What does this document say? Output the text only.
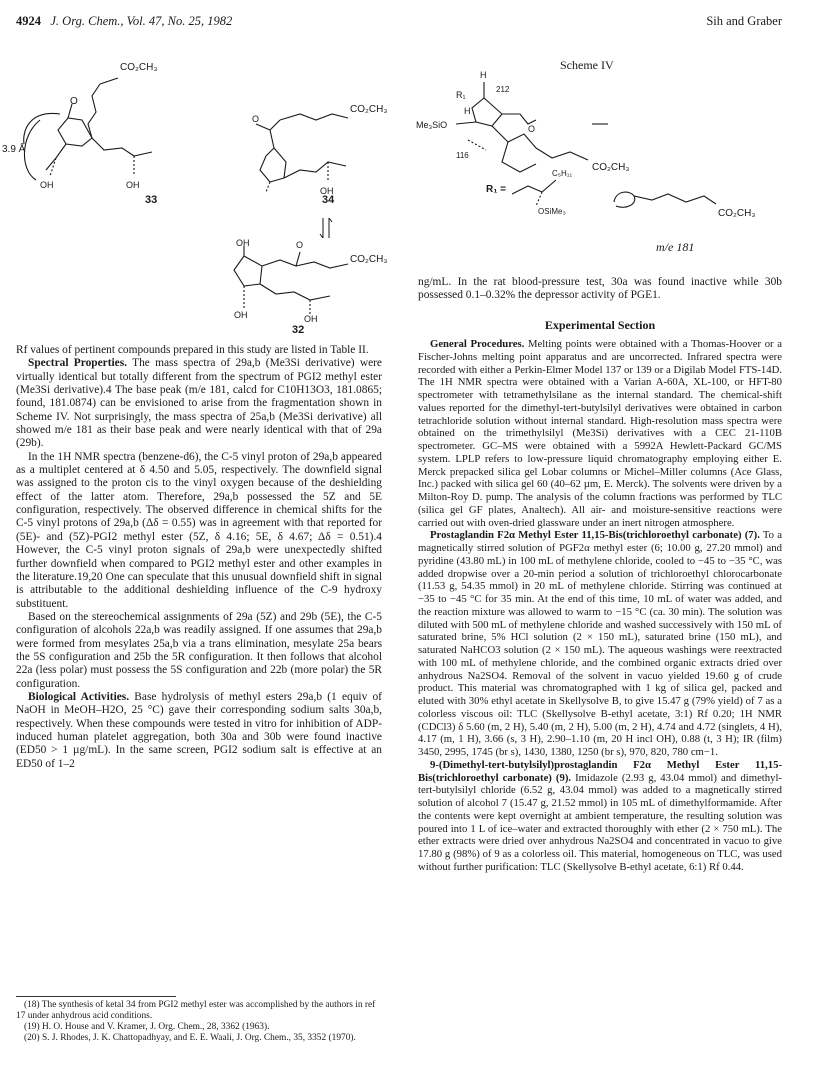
4924 J. Org. Chem., Vol. 47, No. 25, 1982	Sih and Graber
CO₂CH₃
O
3.9 Å
OH	OH
33
CO₂CH₃
O
OH
34
OH	O
CO₂CH₃
OH	OH
32
Scheme IV
H
R₁
212
H
Me₃SiO	O
116
CO₂CH₃
R₁ =
C₅H₁₁
OSiMe₃	CO₂CH₃
m/e 181

Rf values of pertinent compounds prepared in this study are listed in Table II.

Spectral Properties. The mass spectra of 29a,b (Me3Si derivative) were virtually identical but totally different from the spectrum of PGI2 methyl ester (Me3Si derivative).4 The base peak (m/e 181, calcd for C10H13O3, 181.0865; found, 181.0874) can be envisioned to arise from the fragmentation shown in Scheme IV. Not surprisingly, the mass spectra of 25a,b (Me3Si derivative) all showed m/e 181 as their base peak and were nearly identical with that of 29a (29b).

In the 1H NMR spectra (benzene-d6), the C-5 vinyl proton of 29a,b appeared as a multiplet centered at δ 4.50 and 5.05, respectively. The downfield signal was assigned to the proton cis to the vinyl oxygen because of the deshielding effect of the latter atom. Therefore, 29a,b possessed the 5Z and 5E configuration, respectively. The observed difference in chemical shifts for the C-5 vinyl protons of 29a,b (Δδ = 0.55) was in agreement with that reported for (5E)- and (5Z)-PGI2 methyl ester (5Z, δ 4.16; 5E, δ 4.67; Δδ = 0.51).4 However, the C-5 vinyl proton signals of 29a,b were unexpectedly shifted further downfield when compared to PGI2 methyl ester and other examples in the literature.19,20 One can speculate that this unusual downfield shift in signal is attributable to the additional deshielding influence of the C-9 hydroxy substituent.

Based on the stereochemical assignments of 29a (5Z) and 29b (5E), the C-5 configuration of alcohols 22a,b was readily assigned. If one assumes that 29a,b were formed from mesylates 25a,b via a trans elimination, mesylate 25a bears the 5S configuration and 25b the 5R configuration. It then follows that alcohol 22a (less polar) must possess the 5S configuration and 22b (more polar) the 5R configuration.

Biological Activities. Base hydrolysis of methyl esters 29a,b (1 equiv of NaOH in MeOH–H2O, 25 °C) gave their corresponding sodium salts 30a,b, respectively. When these compounds were tested in vitro for inhibition of ADP-induced human platelet aggregation, both 30a and 30b were found inactive (ED50 > 1 µg/mL). In the same screen, PGI2 sodium salt is effective at an ED50 of 1–2

(18) The synthesis of ketal 34 from PGI2 methyl ester was accomplished by the authors in ref 17 under anhydrous acid conditions.
(19) H. O. House and V. Kramer, J. Org. Chem., 28, 3362 (1963).
(20) S. J. Rhodes, J. K. Chattopadhyay, and E. E. Waali, J. Org. Chem., 35, 3352 (1970).

ng/mL. In the rat blood-pressure test, 30a was found inactive while 30b possessed 0.1–0.32% the depressor activity of PGE1.

Experimental Section

General Procedures. Melting points were obtained with a Thomas-Hoover or a Fischer-Johns melting point apparatus and are uncorrected. Infrared spectra were recorded with either a Perkin-Elmer Model 137 or 139 or a Digilab Model FTS-14D. The 1H NMR spectra were obtained with a Varian A-60A, XL-100, or HFT-80 spectrometer with tetramethylsilane as the internal standard. The chemical-shift values reported for the dimethyl-tert-butylsilyl derivatives were obtained in carbon tetrachloride solution without internal standard. High-resolution mass spectra were obtained on the trimethylsilyl (Me3Si) derivatives with a CEC 21-110B spectrometer. GC–MS were obtained with a 5992A Hewlett-Packard GC/MS system. LPLP refers to low-pressure liquid chromatography employing either E. Merck prepacked silica gel Lobar columns or Michel–Miller columns (Ace Glass, Inc.) packed with silica gel 60 (40–62 µm, E. Merck). The solvents were driven by a Milton-Roy D. pump. The analysis of the column fractions was performed by TLC (silica gel GF plates, Analtech). All air- and moisture-sensitive reactions were carried out with oven-dried glassware under an inert nitrogen atmosphere.

Prostaglandin F2α Methyl Ester 11,15-Bis(trichloroethyl carbonate) (7). To a magnetically stirred solution of PGF2α methyl ester (6; 10.00 g, 27.20 mmol) and pyridine (43.80 mL) in 100 mL of methylene chloride, cooled to −45 to −35 °C, was added dropwise over a 20-min period a solution of trichloroethyl chlorocarbonate (11.53 g, 54.35 mmol) in 20 mL of methylene chloride. Stirring was continued at −35 to −45 °C for 35 min. At the end of this time, 10 mL of water was added, and the reaction mixture was allowed to warm to −15 °C (ca. 30 min). The solution was diluted with 500 mL of methylene chloride and washed successively with 150 mL of saturated brine, 5% HCl solution (2 × 150 mL), saturated brine (150 mL), and saturated NaHCO3 solution (2 × 150 mL). The aqueous washings were reextracted with 100 mL of methylene chloride, and the combined organic extracts dried over anhydrous Na2SO4. Removal of the solvent in vacuo yielded 19.60 g of crude product. This material was chromatographed with 1 kg of silica gel, packed and eluted with 30% ethyl acetate in Skellysolve B, to give 15.47 g (79% yield) of 7 as a colorless viscous oil: TLC (Skellysolve B-ethyl acetate, 3:1) Rf 0.20; 1H NMR (CDCl3) δ 5.60 (m, 2 H), 5.40 (m, 2 H), 5.00 (m, 2 H), 4.74 and 4.72 (singlets, 4 H), 4.17 (m, 1 H), 3.66 (s, 3 H), 2.90–1.10 (m, 20 H incl OH), 0.88 (t, 3 H); IR (film) 3450, 2995, 1745 (br s), 1430, 1380, 1250 (br s), 970, 820, 780 cm−1.

9-(Dimethyl-tert-butylsilyl)prostaglandin F2α Methyl Ester 11,15-Bis(trichloroethyl carbonate) (9). Imidazole (2.93 g, 43.04 mmol) and dimethyl-tert-butylsilyl chloride (6.52 g, 43.04 mmol) was added to a magnetically stirred solution of alcohol 7 (15.47 g, 21.52 mmol) in 105 mL of dimethylformamide. After the contents were kept overnight at ambient temperature, the resulting solution was poured into 1 L of ice–water and extracted thoroughly with ether (2 × 750 mL). The ether extracts were dried over anhydrous Na2SO4 and concentrated in vacuo to give 17.80 g (98%) of 9 as a colorless oil. This material, homogeneous on TLC, was used without further purification: TLC (Skellysolve B-ethyl acetate, 6:1) Rf 0.44.
